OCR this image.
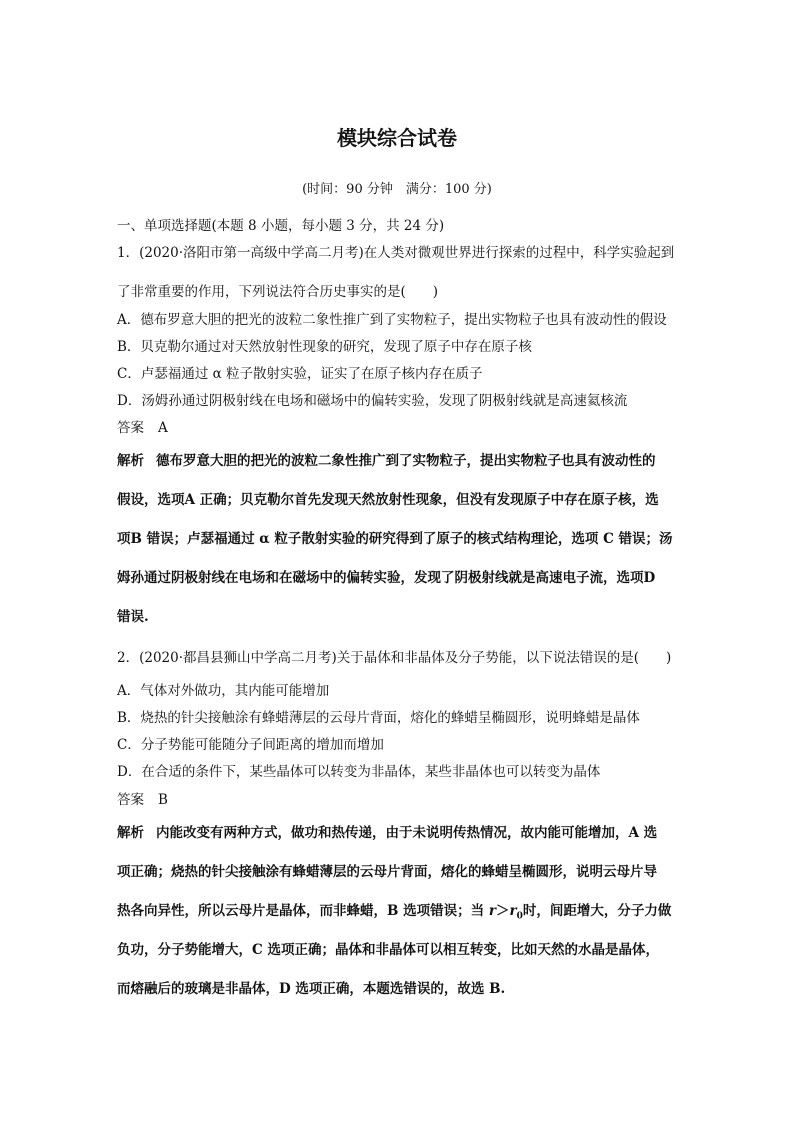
模块综合试卷
(时间：90 分钟　满分：100 分)
一、单项选择题(本题 8 小题，每小题 3 分，共 24 分)
1．(2020·洛阳市第一高级中学高二月考)在人类对微观世界进行探索的过程中，科学实验起到
了非常重要的作用，下列说法符合历史事实的是(　　)
A．德布罗意大胆的把光的波粒二象性推广到了实物粒子，提出实物粒子也具有波动性的假设
B．贝克勒尔通过对天然放射性现象的研究，发现了原子中存在原子核
C．卢瑟福通过 α 粒子散射实验，证实了在原子核内存在质子
D．汤姆孙通过阴极射线在电场和磁场中的偏转实验，发现了阴极射线就是高速氦核流
答案 A
解析 德布罗意大胆的把光的波粒二象性推广到了实物粒子，提出实物粒子也具有波动性的
假设，选项A 正确；贝克勒尔首先发现天然放射性现象，但没有发现原子中存在原子核，选
项B 错误；卢瑟福通过 α 粒子散射实验的研究得到了原子的核式结构理论，选项 C 错误；汤
姆孙通过阴极射线在电场和在磁场中的偏转实验，发现了阴极射线就是高速电子流，选项D
错误.
2．(2020·都昌县狮山中学高二月考)关于晶体和非晶体及分子势能，以下说法错误的是(　　)
A．气体对外做功，其内能可能增加
B．烧热的针尖接触涂有蜂蜡薄层的云母片背面，熔化的蜂蜡呈椭圆形，说明蜂蜡是晶体
C．分子势能可能随分子间距离的增加而增加
D．在合适的条件下，某些晶体可以转变为非晶体，某些非晶体也可以转变为晶体
答案 B
解析 内能改变有两种方式，做功和热传递，由于未说明传热情况，故内能可能增加，A 选
项正确；烧热的针尖接触涂有蜂蜡薄层的云母片背面，熔化的蜂蜡呈椭圆形，说明云母片导
热各向异性，所以云母片是晶体，而非蜂蜡，B 选项错误；当 $r>r_0$时，间距增大，分子力做
负功，分子势能增大，C 选项正确；晶体和非晶体可以相互转变，比如天然的水晶是晶体，
而熔融后的玻璃是非晶体，D 选项正确，本题选错误的，故选 B.
